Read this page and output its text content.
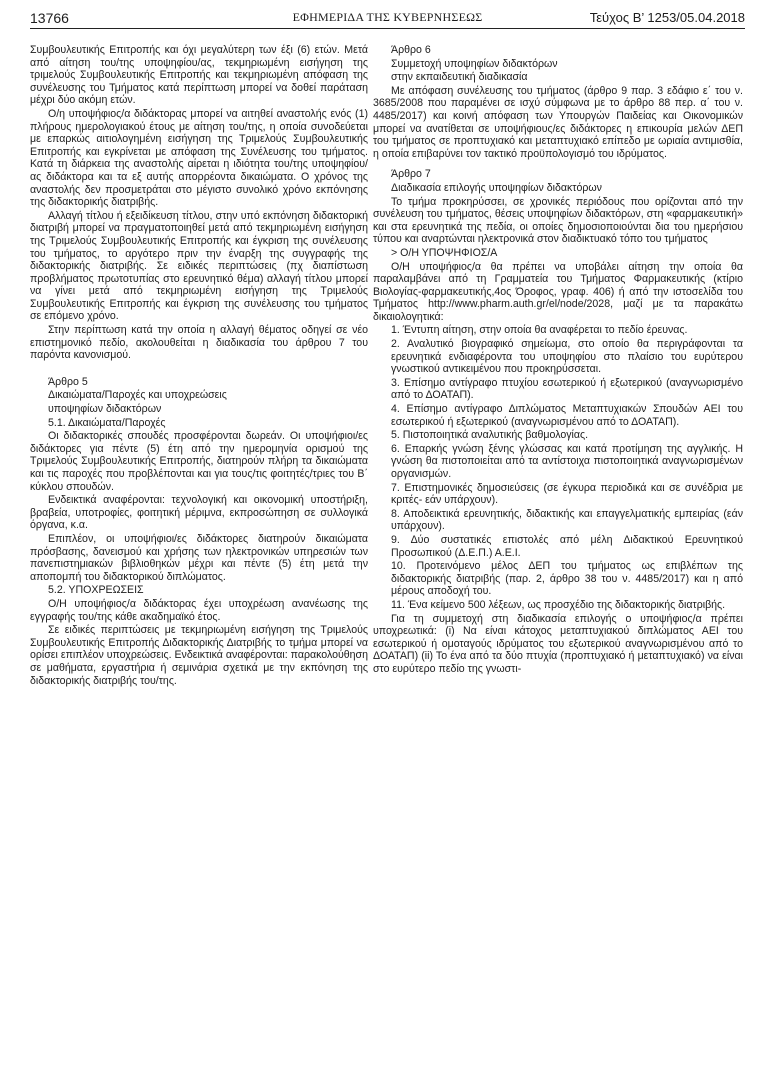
13766	ΕΦΗΜΕΡΙΔΑ ΤΗΣ ΚΥΒΕΡΝΗΣΕΩΣ	Τεύχος Β’ 1253/05.04.2018

Συμβουλευτικής Επιτροπής και όχι μεγαλύτερη των έξι (6) ετών. Μετά από αίτηση του/της υποψηφίου/ας, τεκμηριωμένη εισήγηση της τριμελούς Συμβουλευτικής Επιτροπής και τεκμηριωμένη απόφαση της συνέλευσης του Τμήματος κατά περίπτωση μπορεί να δοθεί παράταση μέχρι δύο ακόμη ετών.

Ο/η υποψήφιος/α διδάκτορας μπορεί να αιτηθεί αναστολής ενός (1) πλήρους ημερολογιακού έτους με αίτηση του/της, η οποία συνοδεύεται με επαρκώς αιτιολογημένη εισήγηση της Τριμελούς Συμβουλευτικής Επιτροπής και εγκρίνεται με απόφαση της Συνέλευσης του τμήματος. Κατά τη διάρκεια της αναστολής αίρεται η ιδιότητα του/της υποψηφίου/ας διδάκτορα και τα εξ αυτής απορρέοντα δικαιώματα. Ο χρόνος της αναστολής δεν προσμετράται στο μέγιστο συνολικό χρόνο εκπόνησης της διδακτορικής διατριβής.

Αλλαγή τίτλου ή εξειδίκευση τίτλου, στην υπό εκπόνηση διδακτορική διατριβή μπορεί να πραγματοποιηθεί μετά από τεκμηριωμένη εισήγηση της Τριμελούς Συμβουλευτικής Επιτροπής και έγκριση της συνέλευσης του τμήματος, το αργότερο πριν την έναρξη της συγγραφής της διδακτορικής διατριβής. Σε ειδικές περιπτώσεις (πχ διαπίστωση προβλήματος πρωτοτυπίας στο ερευνητικό θέμα) αλλαγή τίτλου μπορεί να γίνει μετά από τεκμηριωμένη εισήγηση της Τριμελούς Συμβουλευτικής Επιτροπής και έγκριση της συνέλευσης του τμήματος σε επόμενο χρόνο.

Στην περίπτωση κατά την οποία η αλλαγή θέματος οδηγεί σε νέο επιστημονικό πεδίο, ακολουθείται η διαδικασία του άρθρου 7 του παρόντα κανονισμού.

Άρθρο 5

Δικαιώματα/Παροχές και υποχρεώσεις

υποψηφίων διδακτόρων

5.1. Δικαιώματα/Παροχές

Οι διδακτορικές σπουδές προσφέρονται δωρεάν. Οι υποψήφιοι/ες διδάκτορες για πέντε (5) έτη από την ημερομηνία ορισμού της Τριμελούς Συμβουλευτικής Επιτροπής, διατηρούν πλήρη τα δικαιώματα και τις παροχές που προβλέπονται και για τους/τις φοιτητές/τριες του Β΄ κύκλου σπουδών.

Ενδεικτικά αναφέρονται: τεχνολογική και οικονομική υποστήριξη, βραβεία, υποτροφίες, φοιτητική μέριμνα, εκπροσώπηση σε συλλογικά όργανα, κ.α.

Επιπλέον, οι υποψήφιοι/ες διδάκτορες διατηρούν δικαιώματα πρόσβασης, δανεισμού και χρήσης των ηλεκτρονικών υπηρεσιών των πανεπιστημιακών βιβλιοθηκών μέχρι και πέντε (5) έτη μετά την αποπομπή του διδακτορικού διπλώματος.

5.2. ΥΠΟΧΡΕΩΣΕΙΣ

Ο/Η υποψήφιος/α διδάκτορας έχει υποχρέωση ανανέωσης της εγγραφής του/της κάθε ακαδημαϊκό έτος.

Σε ειδικές περιπτώσεις με τεκμηριωμένη εισήγηση της Τριμελούς Συμβουλευτικής Επιτροπής Διδακτορικής Διατριβής το τμήμα μπορεί να ορίσει επιπλέον υποχρεώσεις. Ενδεικτικά αναφέρονται: παρακολούθηση σε μαθήματα, εργαστήρια ή σεμινάρια σχετικά με την εκπόνηση της διδακτορικής διατριβής του/της.

Άρθρο 6

Συμμετοχή υποψηφίων διδακτόρων

στην εκπαιδευτική διαδικασία

Με απόφαση συνέλευσης του τμήματος (άρθρο 9 παρ. 3 εδάφιο ε΄ του ν. 3685/2008 που παραμένει σε ισχύ σύμφωνα με το άρθρο 88 περ. α΄ του ν. 4485/2017) και κοινή απόφαση των Υπουργών Παιδείας και Οικονομικών μπορεί να ανατίθεται σε υποψήφιους/ες διδάκτορες η επικουρία μελών ΔΕΠ του τμήματος σε προπτυχιακό και μεταπτυχιακό επίπεδο με ωριαία αντιμισθία, η οποία επιβαρύνει τον τακτικό προϋπολογισμό του ιδρύματος.

Άρθρο 7

Διαδικασία επιλογής υποψηφίων διδακτόρων

Το τμήμα προκηρύσσει, σε χρονικές περιόδους που ορίζονται από την συνέλευση του τμήματος, θέσεις υποψηφίων διδακτόρων, στη «φαρμακευτική» και στα ερευνητικά της πεδία, οι οποίες δημοσιοποιούνται δια του ημερήσιου τύπου και αναρτώνται ηλεκτρονικά στον διαδικτυακό τόπο του τμήματος

> Ο/Η ΥΠΟΨΗΦΙΟΣ/Α

Ο/Η υποψήφιος/α θα πρέπει να υποβάλει αίτηση την οποία θα παραλαμβάνει από τη Γραμματεία του Τμήματος Φαρμακευτικής (κτίριο Βιολογίας-φαρμακευτικής,4ος Όροφος, γραφ. 406) ή από την ιστοσελίδα του Τμήματος http://www.pharm.auth.gr/el/node/2028, μαζί με τα παρακάτω δικαιολογητικά:

1. Έντυπη αίτηση, στην οποία θα αναφέρεται το πεδίο έρευνας.

2. Αναλυτικό βιογραφικό σημείωμα, στο οποίο θα περιγράφονται τα ερευνητικά ενδιαφέροντα του υποψηφίου στο πλαίσιο του ευρύτερου γνωστικού αντικειμένου που προκηρύσσεται.

3. Επίσημο αντίγραφο πτυχίου εσωτερικού ή εξωτερικού (αναγνωρισμένο από το ΔΟΑΤΑΠ).

4. Επίσημο αντίγραφο Διπλώματος Μεταπτυχιακών Σπουδών ΑΕΙ του εσωτερικού ή εξωτερικού (αναγνωρισμένου από το ΔΟΑΤΑΠ).

5. Πιστοποιητικά αναλυτικής βαθμολογίας.

6. Επαρκής γνώση ξένης γλώσσας και κατά προτίμηση της αγγλικής. Η γνώση θα πιστοποιείται από τα αντίστοιχα πιστοποιητικά αναγνωρισμένων οργανισμών.

7. Επιστημονικές δημοσιεύσεις (σε έγκυρα περιοδικά και σε συνέδρια με κριτές- εάν υπάρχουν).

8. Αποδεικτικά ερευνητικής, διδακτικής και επαγγελματικής εμπειρίας (εάν υπάρχουν).

9. Δύο συστατικές επιστολές από μέλη Διδακτικού Ερευνητικού Προσωπικού (Δ.Ε.Π.) Α.Ε.Ι.

10. Προτεινόμενο μέλος ΔΕΠ του τμήματος ως επιβλέπων της διδακτορικής διατριβής (παρ. 2, άρθρο 38 του ν. 4485/2017) και η από μέρους αποδοχή του.

11. Ένα κείμενο 500 λέξεων, ως προσχέδιο της διδακτορικής διατριβής.

Για τη συμμετοχή στη διαδικασία επιλογής ο υποψήφιος/α πρέπει υποχρεωτικά: (i) Να είναι κάτοχος μεταπτυχιακού διπλώματος ΑΕΙ του εσωτερικού ή ομοταγούς ιδρύματος του εξωτερικού αναγνωρισμένου από το ΔΟΑΤΑΠ) (ii) Το ένα από τα δύο πτυχία (προπτυχιακό ή μεταπτυχιακό) να είναι στο ευρύτερο πεδίο της γνωστι-
